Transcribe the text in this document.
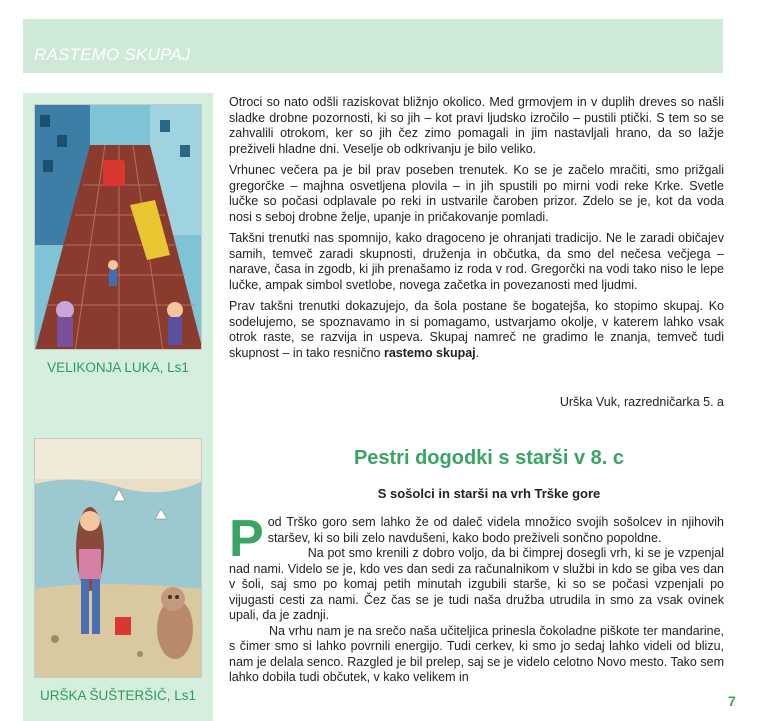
RASTEMO SKUPAJ
VELIKONJA LUKA, Ls1
URŠKA ŠUŠTERŠIČ, Ls1

Otroci so nato odšli raziskovat bližnjo okolico. Med grmovjem in v duplih dreves so našli sladke drobne pozornosti, ki so jih – kot pravi ljudsko izročilo – pustili ptički. S tem so se zahvalili otrokom, ker so jih čez zimo pomagali in jim nastavljali hrano, da so lažje preživeli hladne dni. Veselje ob odkrivanju je bilo veliko.

Vrhunec večera pa je bil prav poseben trenutek. Ko se je začelo mračiti, smo prižgali gregorčke – majhna osvetljena plovila – in jih spustili po mirni vodi reke Krke. Svetle lučke so počasi odplavale po reki in ustvarile čaroben prizor. Zdelo se je, kot da voda nosi s seboj drobne želje, upanje in pričakovanje pomladi.

Takšni trenutki nas spomnijo, kako dragoceno je ohranjati tradicijo. Ne le zaradi običajev samih, temveč zaradi skupnosti, druženja in občutka, da smo del nečesa večjega – narave, časa in zgodb, ki jih prenašamo iz roda v rod. Gregorčki na vodi tako niso le lepe lučke, ampak simbol svetlobe, novega začetka in povezanosti med ljudmi.

Prav takšni trenutki dokazujejo, da šola postane še bogatejša, ko stopimo skupaj. Ko sodelujemo, se spoznavamo in si pomagamo, ustvarjamo okolje, v katerem lahko vsak otrok raste, se razvija in uspeva. Skupaj namreč ne gradimo le znanja, temveč tudi skupnost – in tako resnično rastemo skupaj.

Urška Vuk, razredničarka 5. a
Pestri dogodki s starši v 8. c
S sošolci in starši na vrh Trške gore

Pod Trško goro sem lahko že od daleč videla množico svojih sošolcev in njihovih staršev, ki so bili zelo navdušeni, kako bodo preživeli sončno popoldne.

Na pot smo krenili z dobro voljo, da bi čimprej dosegli vrh, ki se je vzpenjal nad nami. Videlo se je, kdo ves dan sedi za računalnikom v službi in kdo se giba ves dan v šoli, saj smo po komaj petih minutah izgubili starše, ki so se počasi vzpenjali po vijugasti cesti za nami. Čez čas se je tudi naša družba utrudila in smo za vsak ovinek upali, da je zadnji.

Na vrhu nam je na srečo naša učiteljica prinesla čokoladne piškote ter mandarine, s čimer smo si lahko povrnili energijo. Tudi cerkev, ki smo jo sedaj lahko videli od blizu, nam je delala senco. Razgled je bil prelep, saj se je videlo celotno Novo mesto. Tako sem lahko dobila tudi občutek, v kako velikem in

7
